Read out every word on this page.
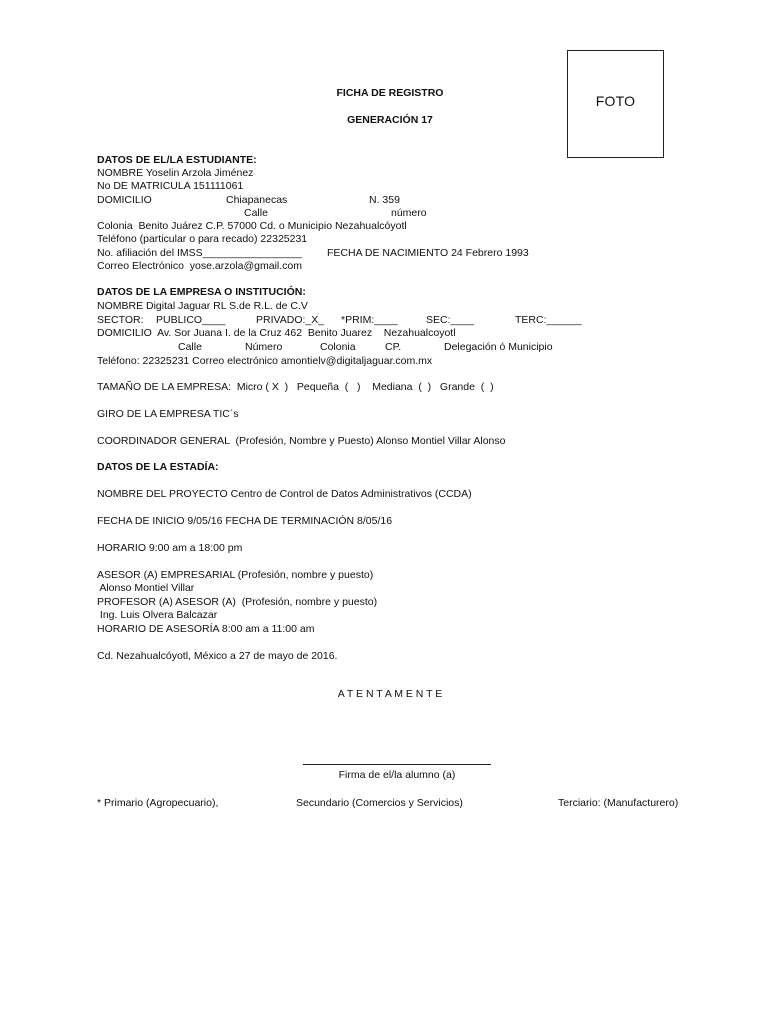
FOTO
FICHA DE REGISTRO
GENERACIÓN 17
DATOS DE EL/LA ESTUDIANTE:
NOMBRE Yoselin Arzola Jiménez
No DE MATRICULA 151111061
DOMICILIO	Chiapanecas	N. 359
Calle	número
Colonia  Benito Juárez C.P. 57000 Cd. o Municipio Nezahualcóyotl
Teléfono (particular o para recado) 22325231
No. afiliación del IMSS_________________ FECHA DE NACIMIENTO 24 Febrero 1993
Correo Electrónico  yose.arzola@gmail.com
DATOS DE LA EMPRESA O INSTITUCIÓN:
NOMBRE Digital Jaguar RL S.de R.L. de C.V
SECTOR: PUBLICO____	PRIVADO:_X_ *PRIM:____	SEC:____	TERC:______
DOMICILIO  Av. Sor Juana I. de la Cruz 462  Benito Juarez    Nezahualcoyotl
Calle	Número	Colonia	CP.	Delegación ó Municipio
Teléfono: 22325231 Correo electrónico amontielv@digitaljaguar.com.mx
TAMAÑO DE LA EMPRESA:  Micro ( X  )   Pequeña  (   )    Mediana  (  )   Grande  (  )
GIRO DE LA EMPRESA TIC´s
COORDINADOR GENERAL  (Profesión, Nombre y Puesto) Alonso Montiel Villar Alonso
DATOS DE LA ESTADÍA:
NOMBRE DEL PROYECTO Centro de Control de Datos Administrativos (CCDA)
FECHA DE INICIO 9/05/16 FECHA DE TERMINACIÓN 8/05/16
HORARIO 9:00 am a 18:00 pm
ASESOR (A) EMPRESARIAL (Profesión, nombre y puesto)
Alonso Montiel Villar
PROFESOR (A) ASESOR (A)  (Profesión, nombre y puesto)
Ing. Luis Olvera Balcazar
HORARIO DE ASESORÍA 8:00 am a 11:00 am
Cd. Nezahualcóyotl, México a 27 de mayo de 2016.
A T E N T A M E N T E
Firma de el/la alumno (a)
* Primario (Agropecuario),	Secundario (Comercios y Servicios)	Terciario: (Manufacturero)
